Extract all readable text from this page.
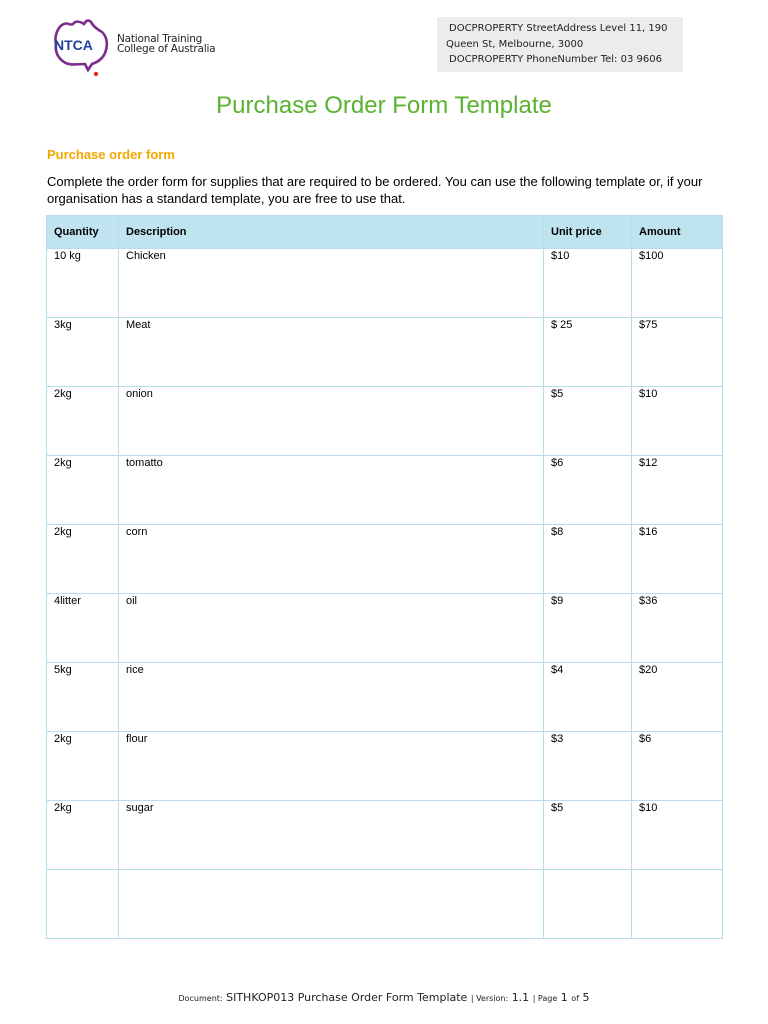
NTCA National Training
College of Australia
DOCPROPERTY StreetAddress Level 11, 190
Queen St, Melbourne, 3000
DOCPROPERTY PhoneNumber Tel: 03 9606
Purchase Order Form Template
Purchase order form
Complete the order form for supplies that are required to be ordered. You can use the following template or, if your organisation has a standard template, you are free to use that.
Quantity	Description	Unit price	Amount
10 kg	Chicken	$10	$100
3kg	Meat	$ 25	$75
2kg	onion	$5	$10
2kg	tomatto	$6	$12
2kg	corn	$8	$16
4litter	oil	$9	$36
5kg	rice	$4	$20
2kg	flour	$3	$6
2kg	sugar	$5	$10

Document: SITHKOP013 Purchase Order Form Template | Version: 1.1 | Page 1 of 5
